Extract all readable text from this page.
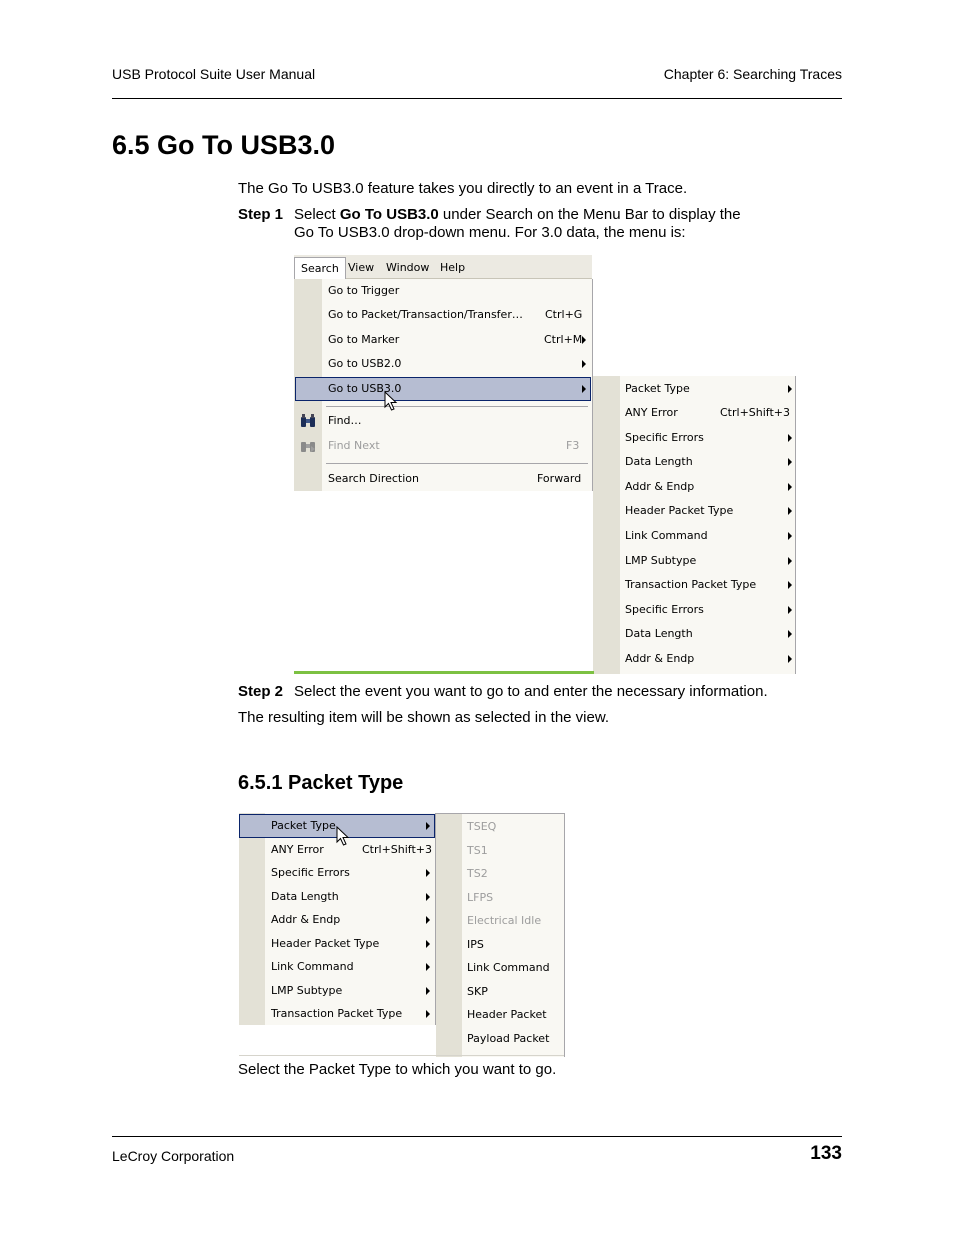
USB Protocol Suite User Manual	Chapter 6: Searching Traces
6.5 Go To USB3.0
The Go To USB3.0 feature takes you directly to an event in a Trace.
Step 1 Select Go To USB3.0 under Search on the Menu Bar to display the
Go To USB3.0 drop-down menu. For 3.0 data, the menu is:
Search View	Window Help
Go to Trigger
Go to Packet/Transaction/Transfer… Ctrl+G
Go to Marker	Ctrl+M
Go to USB2.0
Go to USB3.0
Find…
Find Next	F3
Search Direction	Forward
Packet Type
ANY Error	Ctrl+Shift+3
Specific Errors
Data Length
Addr & Endp
Header Packet Type
Link Command
LMP Subtype
Transaction Packet Type
Specific Errors
Data Length
Addr & Endp
Step 2 Select the event you want to go to and enter the necessary information.
The resulting item will be shown as selected in the view.
6.5.1 Packet Type
Packet Type
ANY Error	Ctrl+Shift+3
Specific Errors
Data Length
Addr & Endp
Header Packet Type
Link Command
LMP Subtype
Transaction Packet Type
TSEQ
TS1
TS2
LFPS
Electrical Idle
IPS
Link Command
SKP
Header Packet
Payload Packet
Select the Packet Type to which you want to go.
LeCroy Corporation	133
